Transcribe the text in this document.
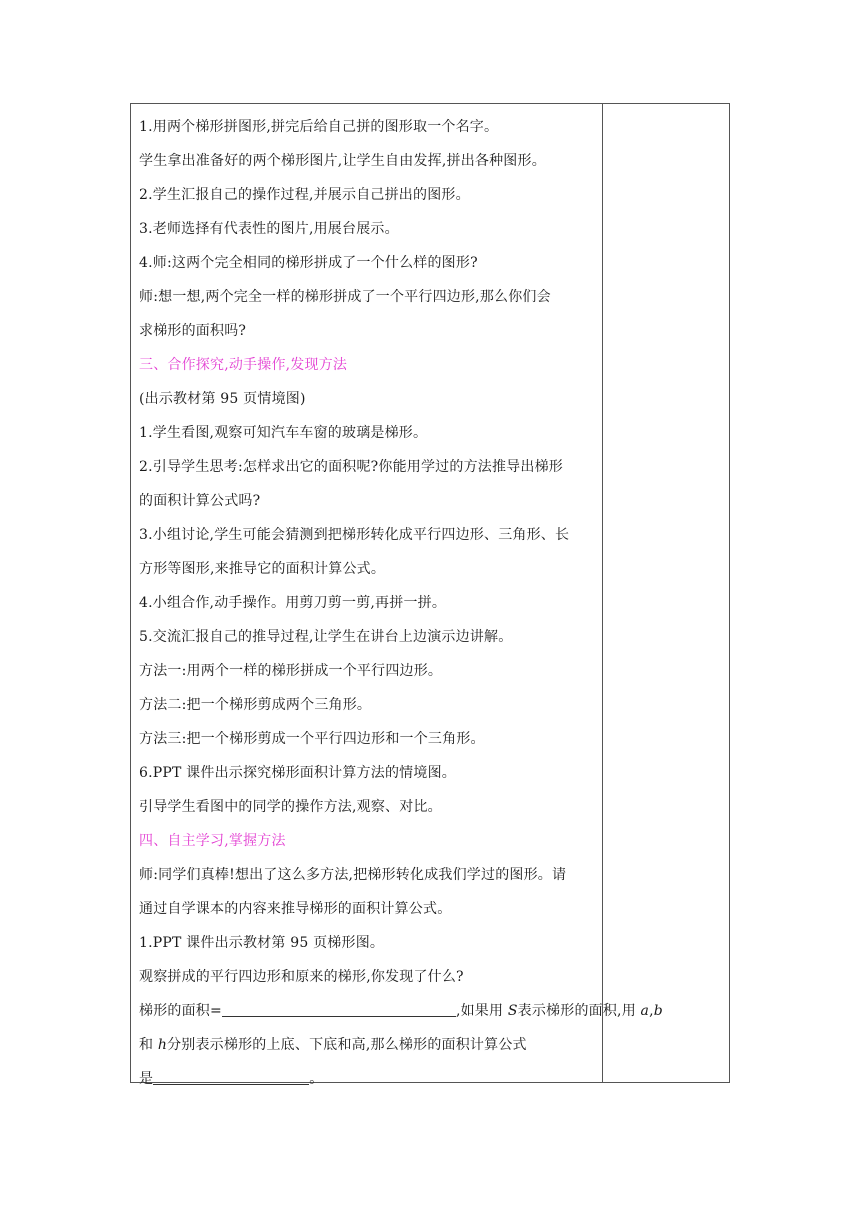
1.用两个梯形拼图形,拼完后给自己拼的图形取一个名字。
学生拿出准备好的两个梯形图片,让学生自由发挥,拼出各种图形。
2.学生汇报自己的操作过程,并展示自己拼出的图形。
3.老师选择有代表性的图片,用展台展示。
4.师:这两个完全相同的梯形拼成了一个什么样的图形?
师:想一想,两个完全一样的梯形拼成了一个平行四边形,那么你们会
求梯形的面积吗?
三、合作探究,动手操作,发现方法
(出示教材第 95 页情境图)
1.学生看图,观察可知汽车车窗的玻璃是梯形。
2.引导学生思考:怎样求出它的面积呢?你能用学过的方法推导出梯形
的面积计算公式吗?
3.小组讨论,学生可能会猜测到把梯形转化成平行四边形、三角形、长
方形等图形,来推导它的面积计算公式。
4.小组合作,动手操作。用剪刀剪一剪,再拼一拼。
5.交流汇报自己的推导过程,让学生在讲台上边演示边讲解。
方法一:用两个一样的梯形拼成一个平行四边形。
方法二:把一个梯形剪成两个三角形。
方法三:把一个梯形剪成一个平行四边形和一个三角形。
6.PPT 课件出示探究梯形面积计算方法的情境图。
引导学生看图中的同学的操作方法,观察、对比。
四、自主学习,掌握方法
师:同学们真棒!想出了这么多方法,把梯形转化成我们学过的图形。请
通过自学课本的内容来推导梯形的面积计算公式。
1.PPT 课件出示教材第 95 页梯形图。
观察拼成的平行四边形和原来的梯形,你发现了什么?
梯形的面积=	,如果用 S表示梯形的面积,用 a,b
和 h分别表示梯形的上底、下底和高,那么梯形的面积计算公式
是	。
